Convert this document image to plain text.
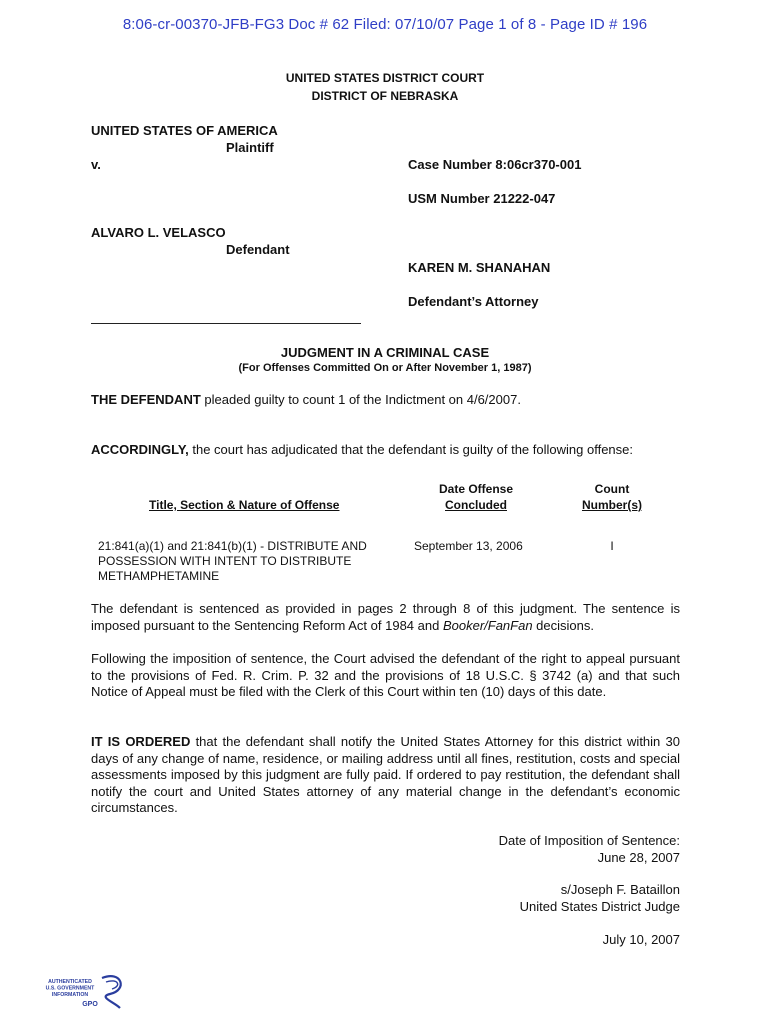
8:06-cr-00370-JFB-FG3 Doc # 62 Filed: 07/10/07 Page 1 of 8 - Page ID # 196
UNITED STATES DISTRICT COURT
DISTRICT OF NEBRASKA
UNITED STATES OF AMERICA
Plaintiff
v.	Case Number 8:06cr370-001
USM Number 21222-047
ALVARO L. VELASCO
Defendant
KAREN M. SHANAHAN
Defendant’s Attorney
JUDGMENT IN A CRIMINAL CASE
(For Offenses Committed On or After November 1, 1987)
THE DEFENDANT pleaded guilty to count 1 of the Indictment on 4/6/2007.
ACCORDINGLY, the court has adjudicated that the defendant is guilty of the following offense:
Title, Section & Nature of Offense
Date Offense
Concluded
Count
Number(s)
21:841(a)(1) and 21:841(b)(1) - DISTRIBUTE AND
POSSESSION WITH INTENT TO DISTRIBUTE
METHAMPHETAMINE
September 13, 2006	I
The defendant is sentenced as provided in pages 2 through 8 of this judgment. The sentence is imposed pursuant to the Sentencing Reform Act of 1984 and Booker/FanFan decisions.
Following the imposition of sentence, the Court advised the defendant of the right to appeal pursuant to the provisions of Fed. R. Crim. P. 32 and the provisions of 18 U.S.C. § 3742 (a) and that such Notice of Appeal must be filed with the Clerk of this Court within ten (10) days of this date.
IT IS ORDERED that the defendant shall notify the United States Attorney for this district within 30 days of any change of name, residence, or mailing address until all fines, restitution, costs and special assessments imposed by this judgment are fully paid. If ordered to pay restitution, the defendant shall notify the court and United States attorney of any material change in the defendant’s economic circumstances.
Date of Imposition of Sentence:
June 28, 2007
s/Joseph F. Bataillon
United States District Judge
July 10, 2007
AUTHENTICATED
U.S. GOVERNMENT
INFORMATION
GPO
